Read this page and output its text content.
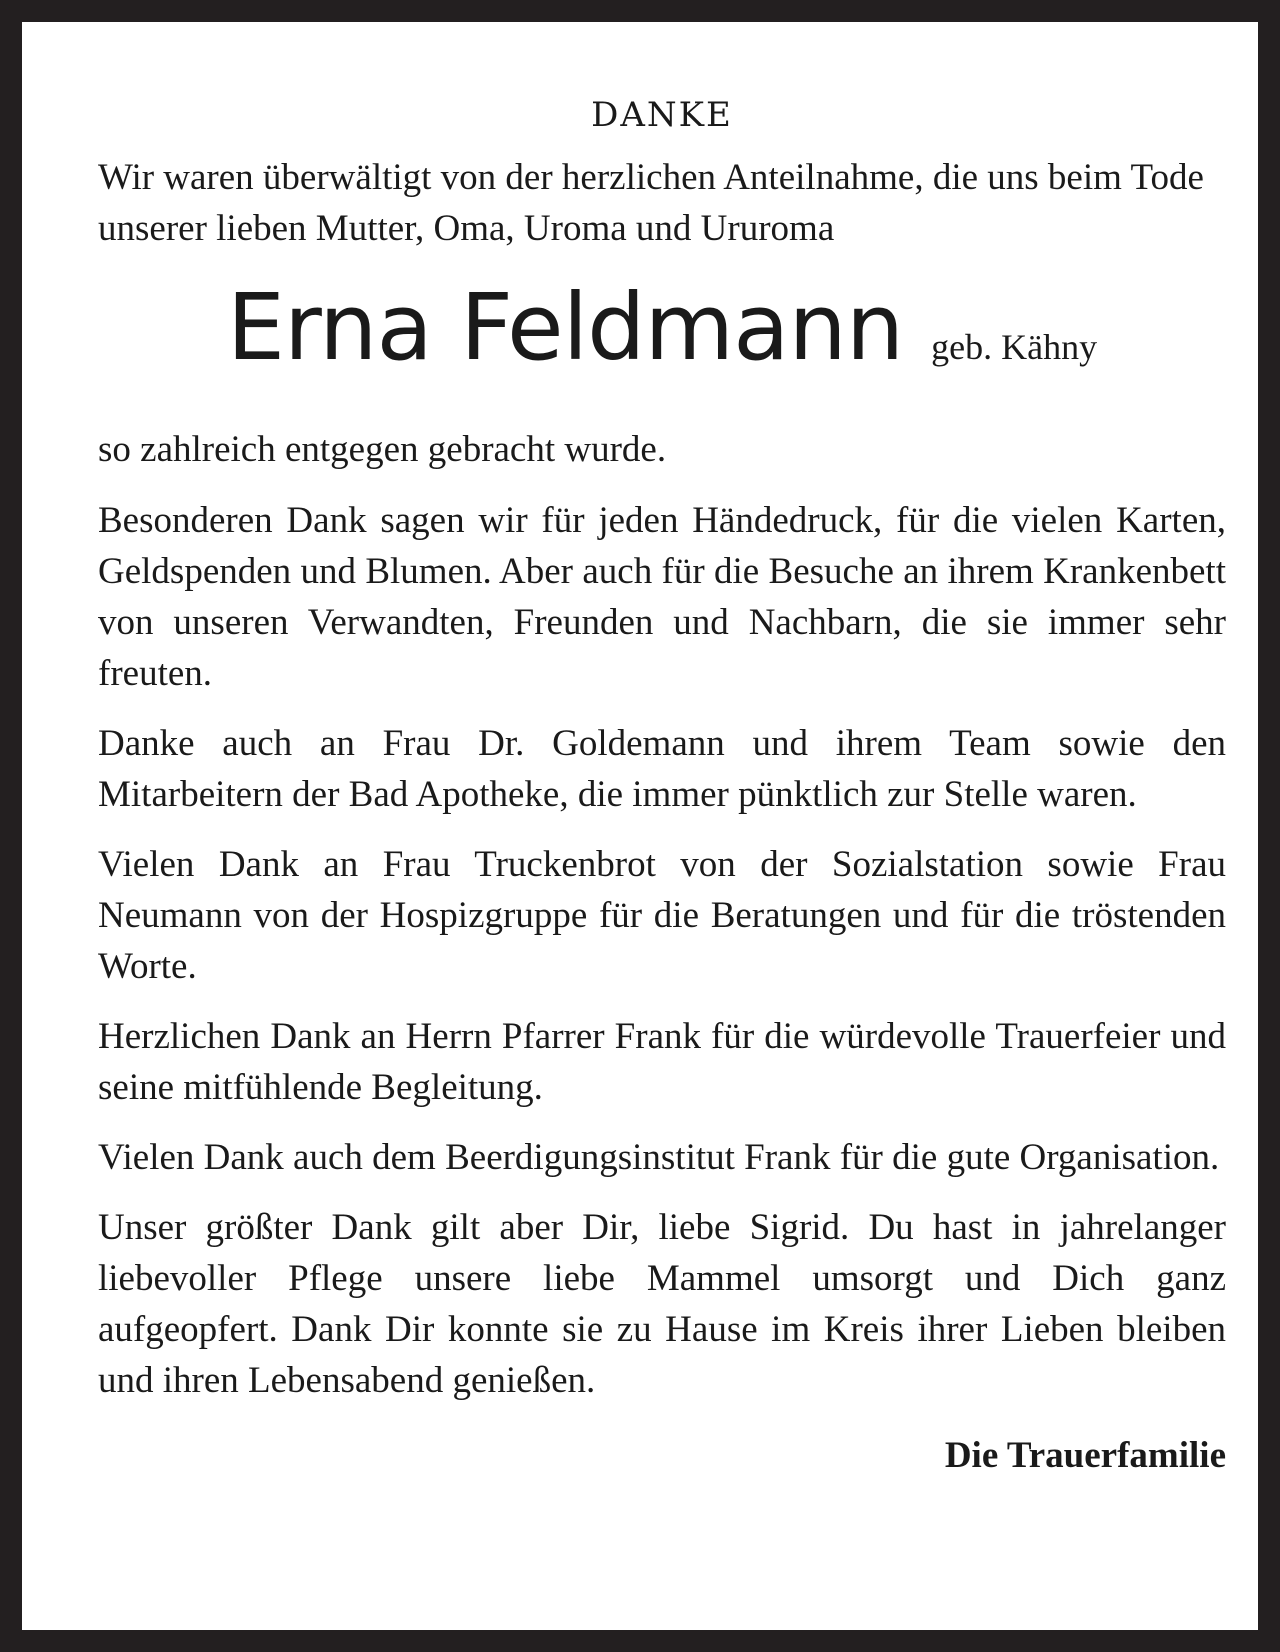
DANKE

Wir waren überwältigt von der herzlichen Anteilnahme, die uns beim Tode unserer lieben Mutter, Oma, Uroma und Ururoma

Erna Feldmann geb. Kähny

so zahlreich entgegen gebracht wurde.

Besonderen Dank sagen wir für jeden Händedruck, für die vielen Karten, Geldspenden und Blumen. Aber auch für die Besuche an ihrem Krankenbett von unseren Verwandten, Freunden und Nachbarn, die sie immer sehr freuten.

Danke auch an Frau Dr. Goldemann und ihrem Team sowie den Mitarbeitern der Bad Apotheke, die immer pünktlich zur Stelle waren.

Vielen Dank an Frau Truckenbrot von der Sozialstation sowie Frau Neumann von der Hospizgruppe für die Beratungen und für die tröstenden Worte.

Herzlichen Dank an Herrn Pfarrer Frank für die würdevolle Trauerfeier und seine mitfühlende Begleitung.

Vielen Dank auch dem Beerdigungsinstitut Frank für die gute Organisation.

Unser größter Dank gilt aber Dir, liebe Sigrid. Du hast in jahrelanger liebevoller Pflege unsere liebe Mammel umsorgt und Dich ganz aufgeopfert. Dank Dir konnte sie zu Hause im Kreis ihrer Lieben bleiben und ihren Lebensabend genießen.

Die Trauerfamilie
